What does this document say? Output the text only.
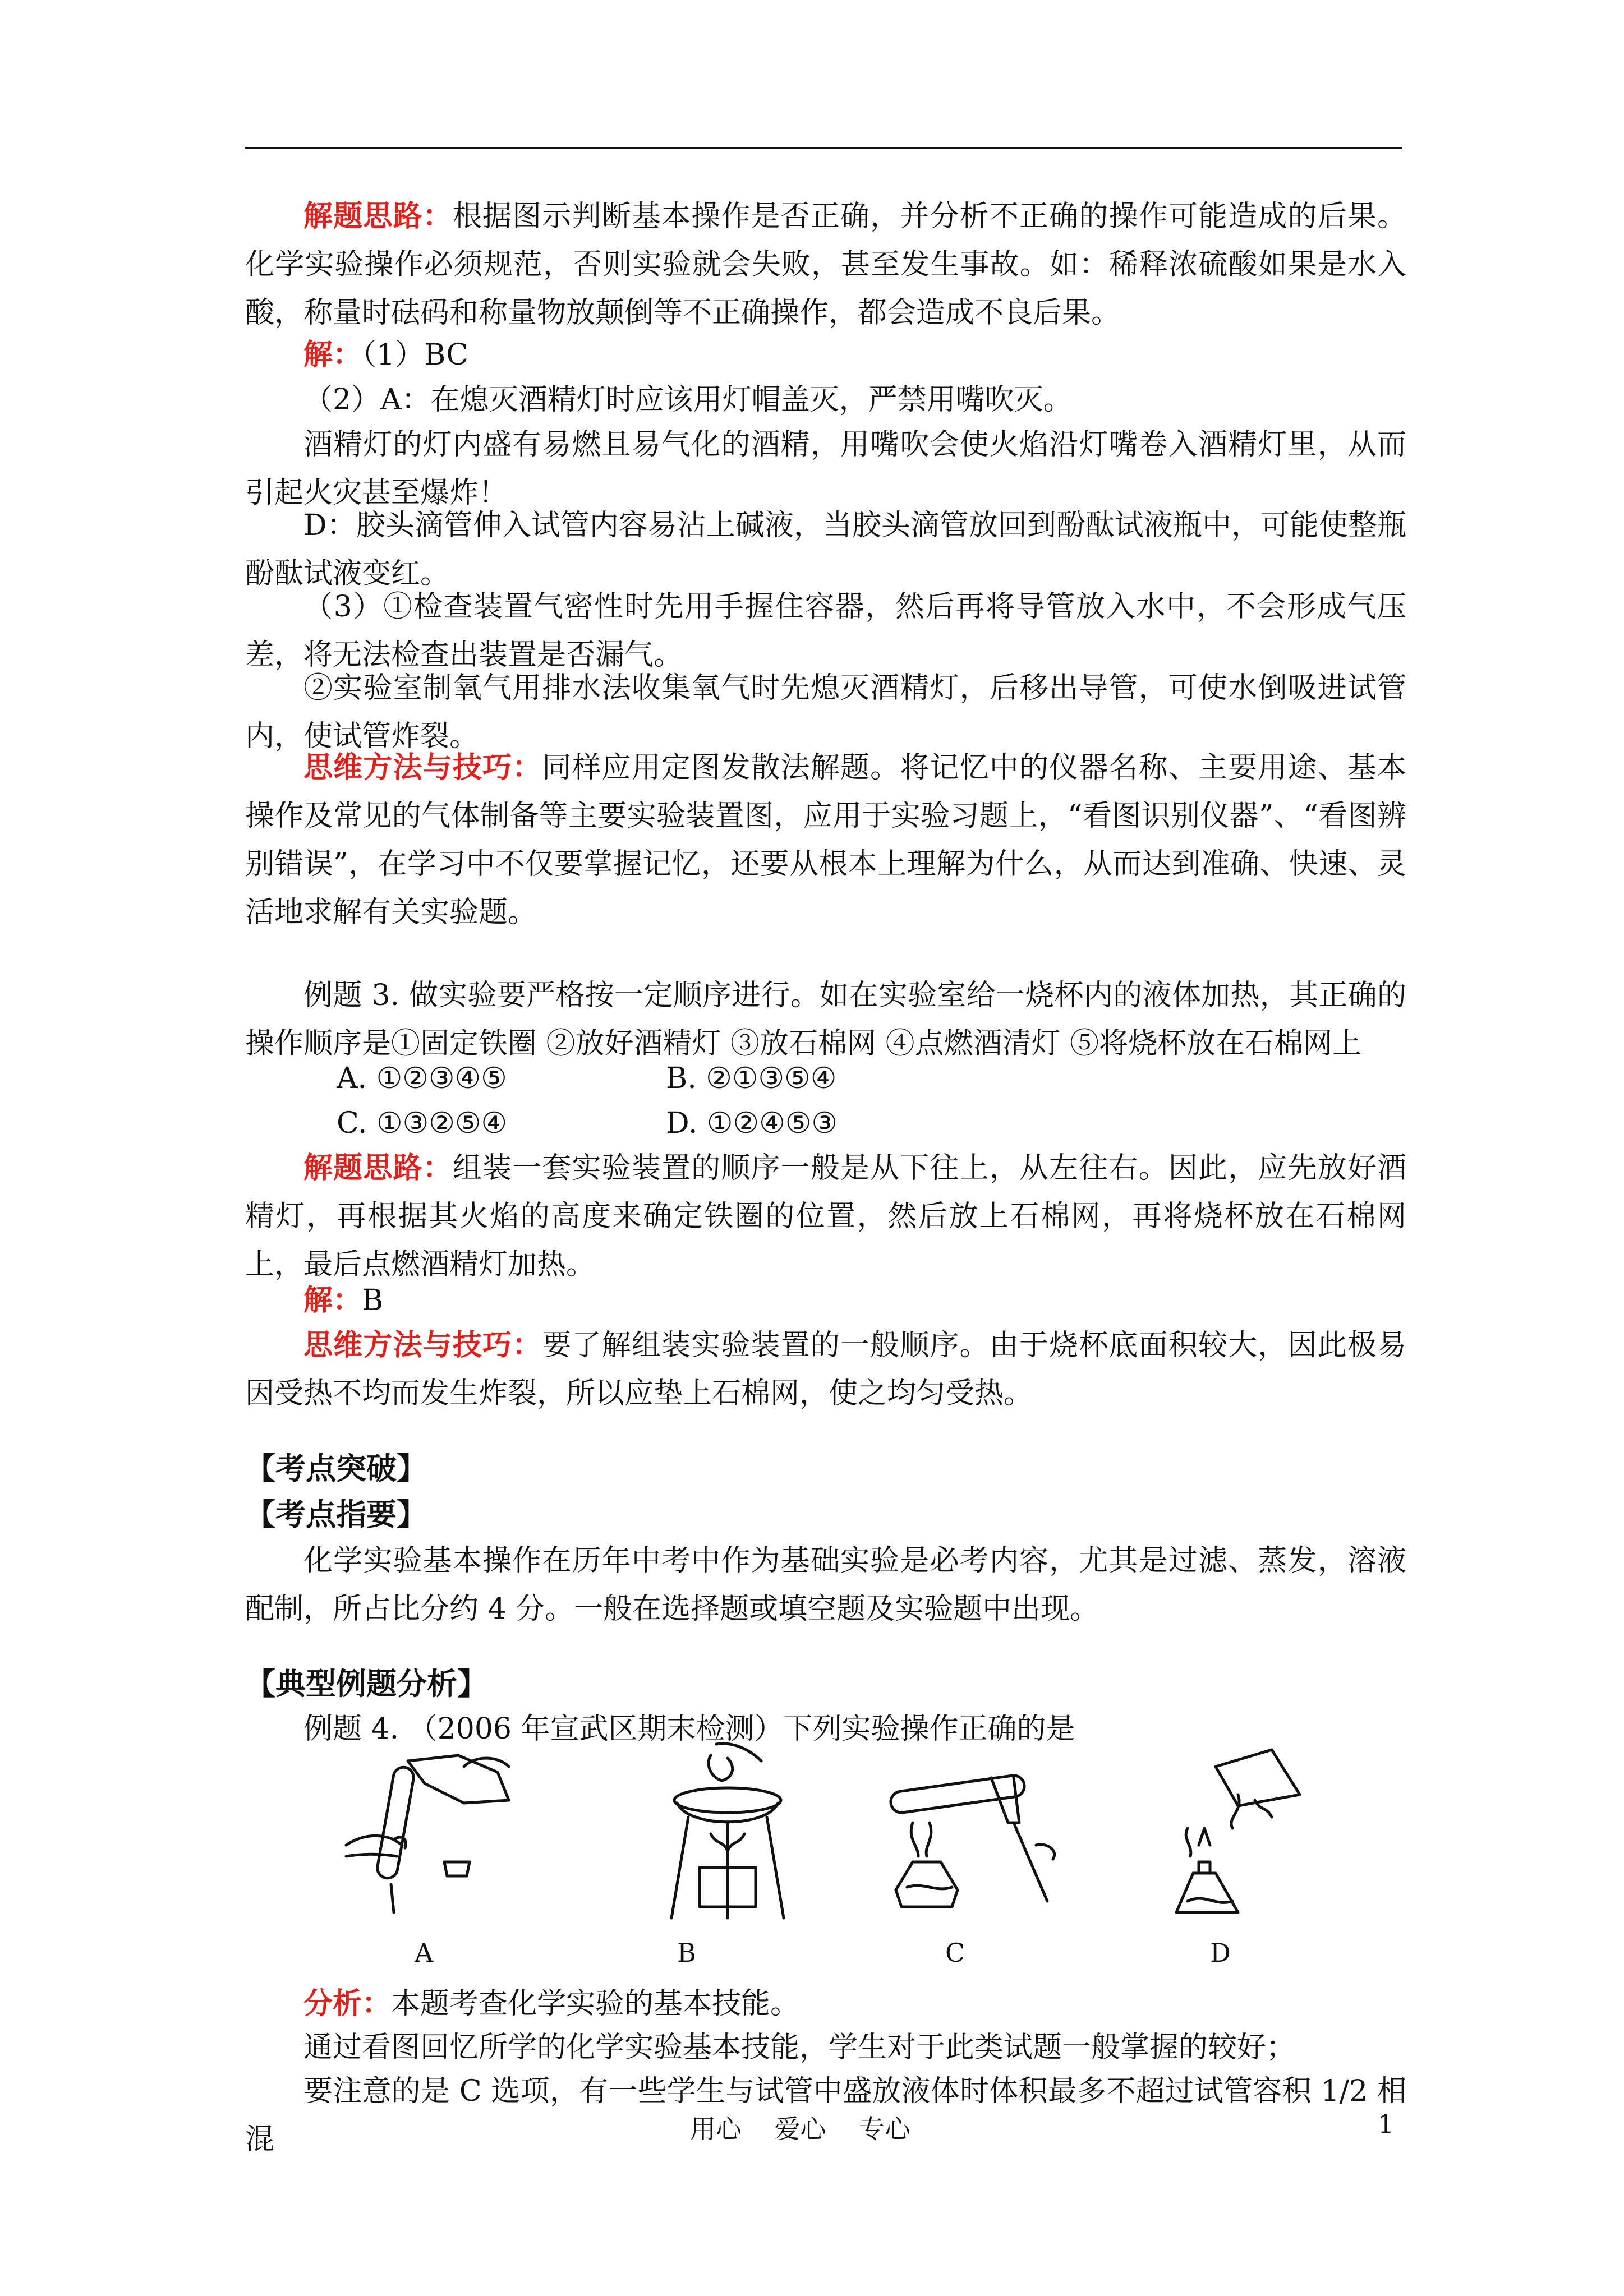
解题思路：根据图示判断基本操作是否正确，并分析不正确的操作可能造成的后果。化学实验操作必须规范，否则实验就会失败，甚至发生事故。如：稀释浓硫酸如果是水入酸，称量时砝码和称量物放颠倒等不正确操作，都会造成不良后果。
解：（1）BC
（2）A：在熄灭酒精灯时应该用灯帽盖灭，严禁用嘴吹灭。
酒精灯的灯内盛有易燃且易气化的酒精，用嘴吹会使火焰沿灯嘴卷入酒精灯里，从而引起火灾甚至爆炸！
D：胶头滴管伸入试管内容易沾上碱液，当胶头滴管放回到酚酞试液瓶中，可能使整瓶酚酞试液变红。
（3）①检查装置气密性时先用手握住容器，然后再将导管放入水中，不会形成气压差，将无法检查出装置是否漏气。
②实验室制氧气用排水法收集氧气时先熄灭酒精灯，后移出导管，可使水倒吸进试管内，使试管炸裂。
思维方法与技巧：同样应用定图发散法解题。将记忆中的仪器名称、主要用途、基本操作及常见的气体制备等主要实验装置图，应用于实验习题上，“看图识别仪器”、“看图辨别错误”，在学习中不仅要掌握记忆，还要从根本上理解为什么，从而达到准确、快速、灵活地求解有关实验题。
例题 3. 做实验要严格按一定顺序进行。如在实验室给一烧杯内的液体加热，其正确的操作顺序是①固定铁圈 ②放好酒精灯 ③放石棉网 ④点燃酒清灯 ⑤将烧杯放在石棉网上
A. ①②③④⑤	B. ②①③⑤④
C. ①③②⑤④	D. ①②④⑤③
解题思路：组装一套实验装置的顺序一般是从下往上，从左往右。因此，应先放好酒精灯，再根据其火焰的高度来确定铁圈的位置，然后放上石棉网，再将烧杯放在石棉网上，最后点燃酒精灯加热。
解：B
思维方法与技巧：要了解组装实验装置的一般顺序。由于烧杯底面积较大，因此极易因受热不均而发生炸裂，所以应垫上石棉网，使之均匀受热。
【考点突破】
【考点指要】
化学实验基本操作在历年中考中作为基础实验是必考内容，尤其是过滤、蒸发，溶液配制，所占比分约 4 分。一般在选择题或填空题及实验题中出现。
【典型例题分析】
例题 4. （2006 年宣武区期末检测）下列实验操作正确的是
A	B	C	D
分析：本题考查化学实验的基本技能。
通过看图回忆所学的化学实验基本技能，学生对于此类试题一般掌握的较好；
要注意的是 C 选项，有一些学生与试管中盛放液体时体积最多不超过试管容积 1/2 相混	用心    爱心    专心	1
